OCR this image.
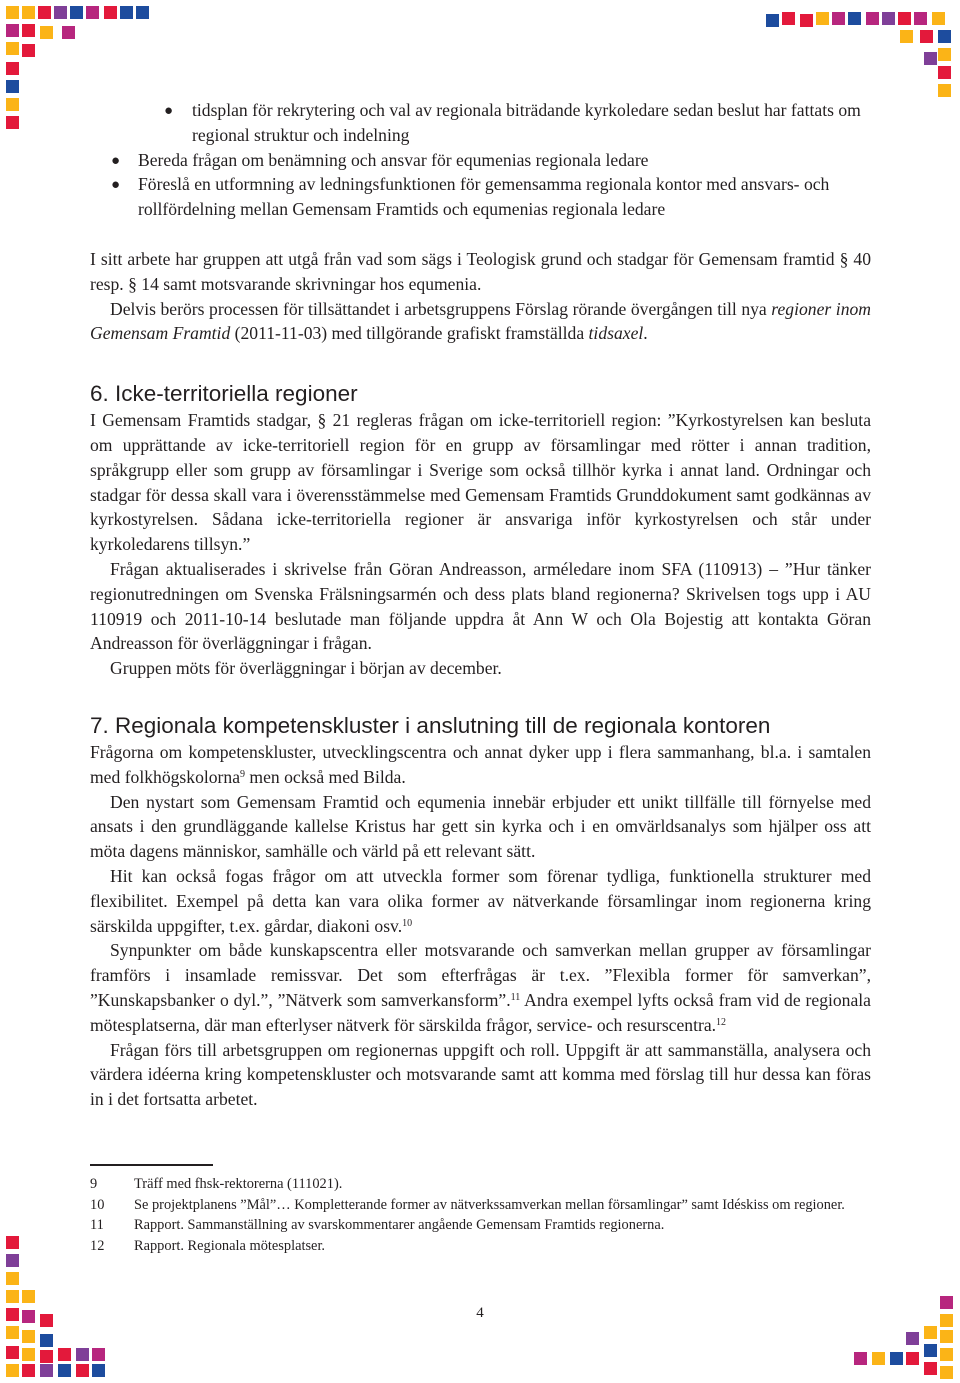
● tidsplan för rekrytering och val av regionala biträdande kyrkoledare sedan beslut har fattats om regional struktur och indelning
● Bereda frågan om benämning och ansvar för equmenias regionala ledare
● Föreslå en utformning av ledningsfunktionen för gemensamma regionala kontor med ansvars- och rollfördelning mellan Gemensam Framtids och equmenias regionala ledare

I sitt arbete har gruppen att utgå från vad som sägs i Teologisk grund och stadgar för Gemensam framtid § 40 resp. § 14 samt motsvarande skrivningar hos equmenia.

Delvis berörs processen för tillsättandet i arbetsgruppens Förslag rörande övergången till nya regioner inom Gemensam Framtid (2011-11-03) med tillgörande grafiskt framställda tidsaxel.

6. Icke-territoriella regioner

I Gemensam Framtids stadgar, § 21 regleras frågan om icke-territoriell region: ”Kyrkostyrelsen kan besluta om upprättande av icke-territoriell region för en grupp av församlingar med rötter i annan tradition, språkgrupp eller som grupp av församlingar i Sverige som också tillhör kyrka i annat land. Ordningar och stadgar för dessa skall vara i överensstämmelse med Gemensam Framtids Grunddokument samt godkännas av kyrkostyrelsen. Sådana icke-territoriella regioner är ansvariga inför kyrkostyrelsen och står under kyrkoledarens tillsyn.”

Frågan aktualiserades i skrivelse från Göran Andreasson, arméledare inom SFA (110913) – ”Hur tänker regionutredningen om Svenska Frälsningsarmén och dess plats bland regionerna? Skrivelsen togs upp i AU 110919 och 2011-10-14 beslutade man följande uppdra åt Ann W och Ola Bojestig att kontakta Göran Andreasson för överläggningar i frågan.

Gruppen möts för överläggningar i början av december.

7. Regionala kompetenskluster i anslutning till de regionala kontoren

Frågorna om kompetenskluster, utvecklingscentra och annat dyker upp i flera sammanhang, bl.a. i samtalen med folkhögskolorna$^9$ men också med Bilda.

Den nystart som Gemensam Framtid och equmenia innebär erbjuder ett unikt tillfälle till förnyelse med ansats i den grundläggande kallelse Kristus har gett sin kyrka och i en omvärldsanalys som hjälper oss att möta dagens människor, samhälle och värld på ett relevant sätt.

Hit kan också fogas frågor om att utveckla former som förenar tydliga, funktionella strukturer med flexibilitet. Exempel på detta kan vara olika former av nätverkande församlingar inom regionerna kring särskilda uppgifter, t.ex. gårdar, diakoni osv.$^{10}$

Synpunkter om både kunskapscentra eller motsvarande och samverkan mellan grupper av församlingar framförs i insamlade remissvar. Det som efterfrågas är t.ex. ”Flexibla former för samverkan”, ”Kunskapsbanker o dyl.”, ”Nätverk som samverkansform”.$^{11}$ Andra exempel lyfts också fram vid de regionala mötesplatserna, där man efterlyser nätverk för särskilda frågor, service- och resurscentra.$^{12}$

Frågan förs till arbetsgruppen om regionernas uppgift och roll. Uppgift är att sammanställa, analysera och värdera idéerna kring kompetenskluster och motsvarande samt att komma med förslag till hur dessa kan föras in i det fortsatta arbetet.

9	Träff med fhsk-rektorerna (111021).
10 Se projektplanens ”Mål”… Kompletterande former av nätverkssamverkan mellan församlingar” samt Idéskiss om regioner.
11 Rapport. Sammanställning av svarskommentarer angående Gemensam Framtids regionerna.
12 Rapport. Regionala mötesplatser.
4
